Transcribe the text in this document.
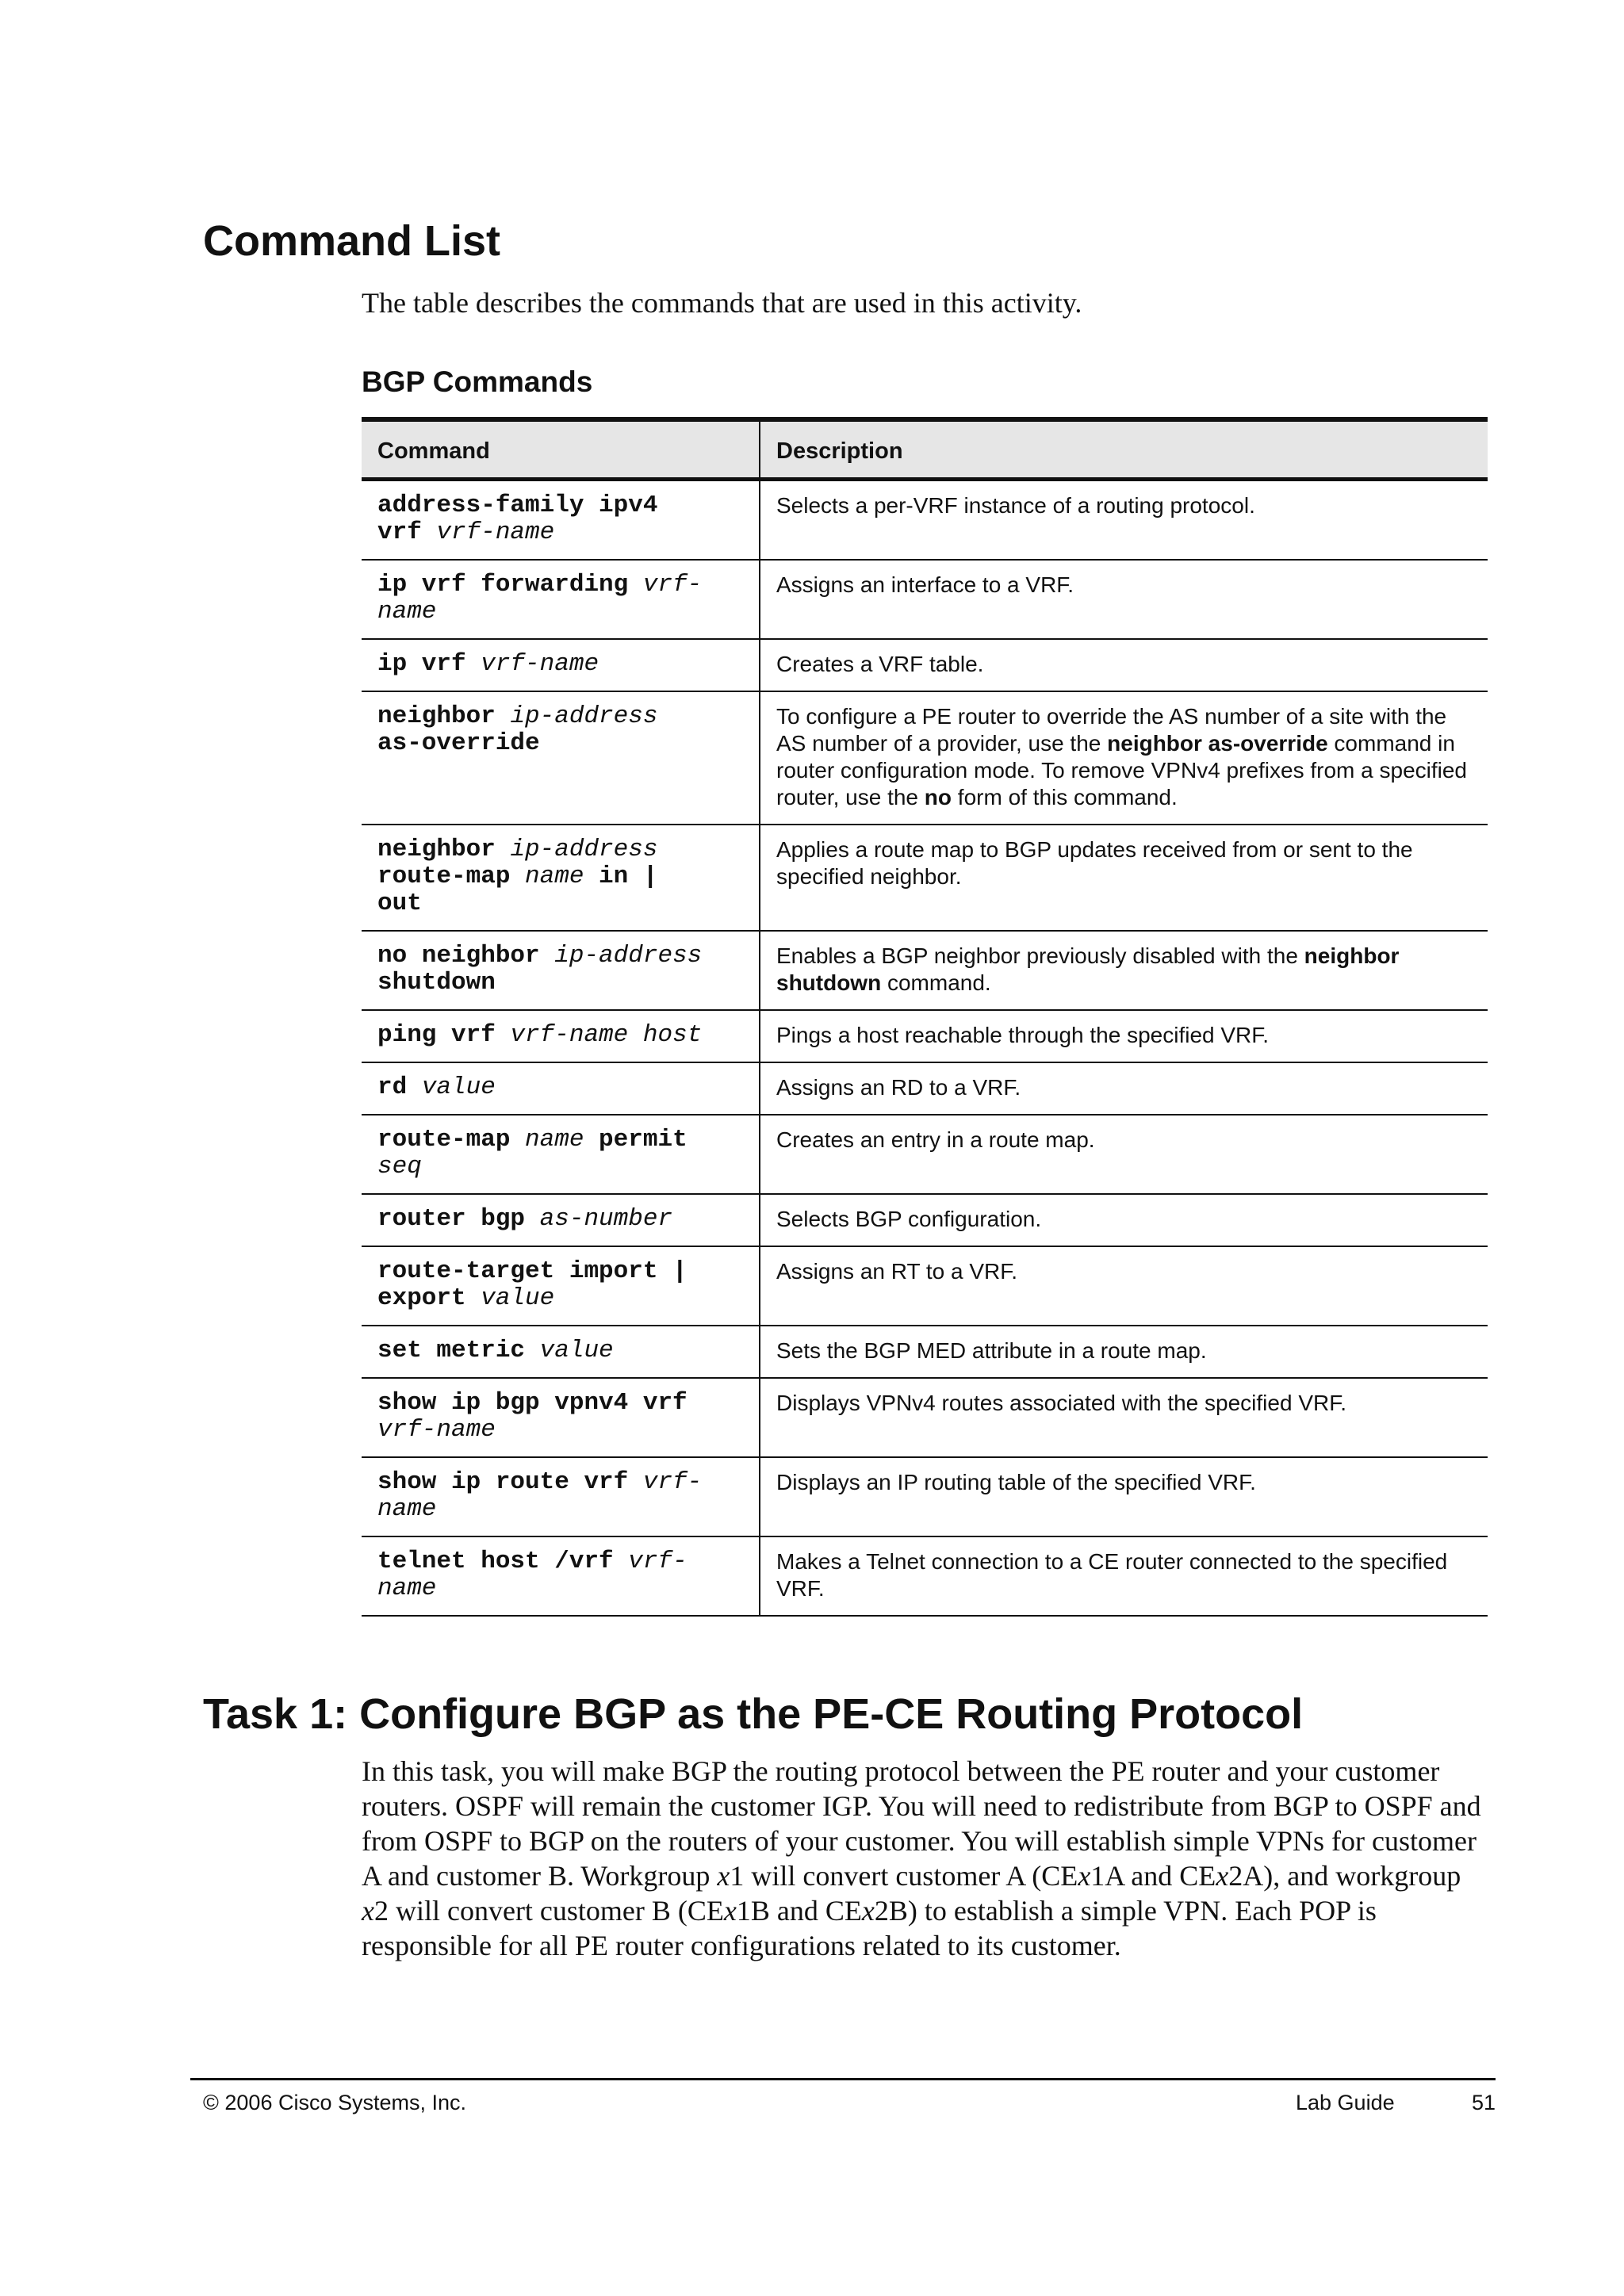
Command List

The table describes the commands that are used in this activity.

BGP Commands
Command	Description

address-family ipv4
vrf vrf-name	Selects a per-VRF instance of a routing protocol.

ip vrf forwarding vrf-
name	Assigns an interface to a VRF.

ip vrf vrf-name	Creates a VRF table.

neighbor ip-address
as-override	To configure a PE router to override the AS number of a site with the AS number of a provider, use the neighbor as-override command in router configuration mode. To remove VPNv4 prefixes from a specified router, use the no form of this command.

neighbor ip-address
route-map name in |
out	Applies a route map to BGP updates received from or sent to the specified neighbor.

no neighbor ip-address
shutdown	Enables a BGP neighbor previously disabled with the neighbor shutdown command.

ping vrf vrf-name host	Pings a host reachable through the specified VRF.

rd value	Assigns an RD to a VRF.

route-map name permit
seq	Creates an entry in a route map.

router bgp as-number	Selects BGP configuration.

route-target import |
export value	Assigns an RT to a VRF.

set metric value	Sets the BGP MED attribute in a route map.

show ip bgp vpnv4 vrf
vrf-name	Displays VPNv4 routes associated with the specified VRF.

show ip route vrf vrf-
name	Displays an IP routing table of the specified VRF.

telnet host /vrf vrf-
name	Makes a Telnet connection to a CE router connected to the specified VRF.
Task 1: Configure BGP as the PE-CE Routing Protocol

In this task, you will make BGP the routing protocol between the PE router and your customer routers. OSPF will remain the customer IGP. You will need to redistribute from BGP to OSPF and from OSPF to BGP on the routers of your customer. You will establish simple VPNs for customer A and customer B. Workgroup x1 will convert customer A (CEx1A and CEx2A), and workgroup x2 will convert customer B (CEx1B and CEx2B) to establish a simple VPN. Each POP is responsible for all PE router configurations related to its customer.

© 2006 Cisco Systems, Inc.	Lab Guide	51
